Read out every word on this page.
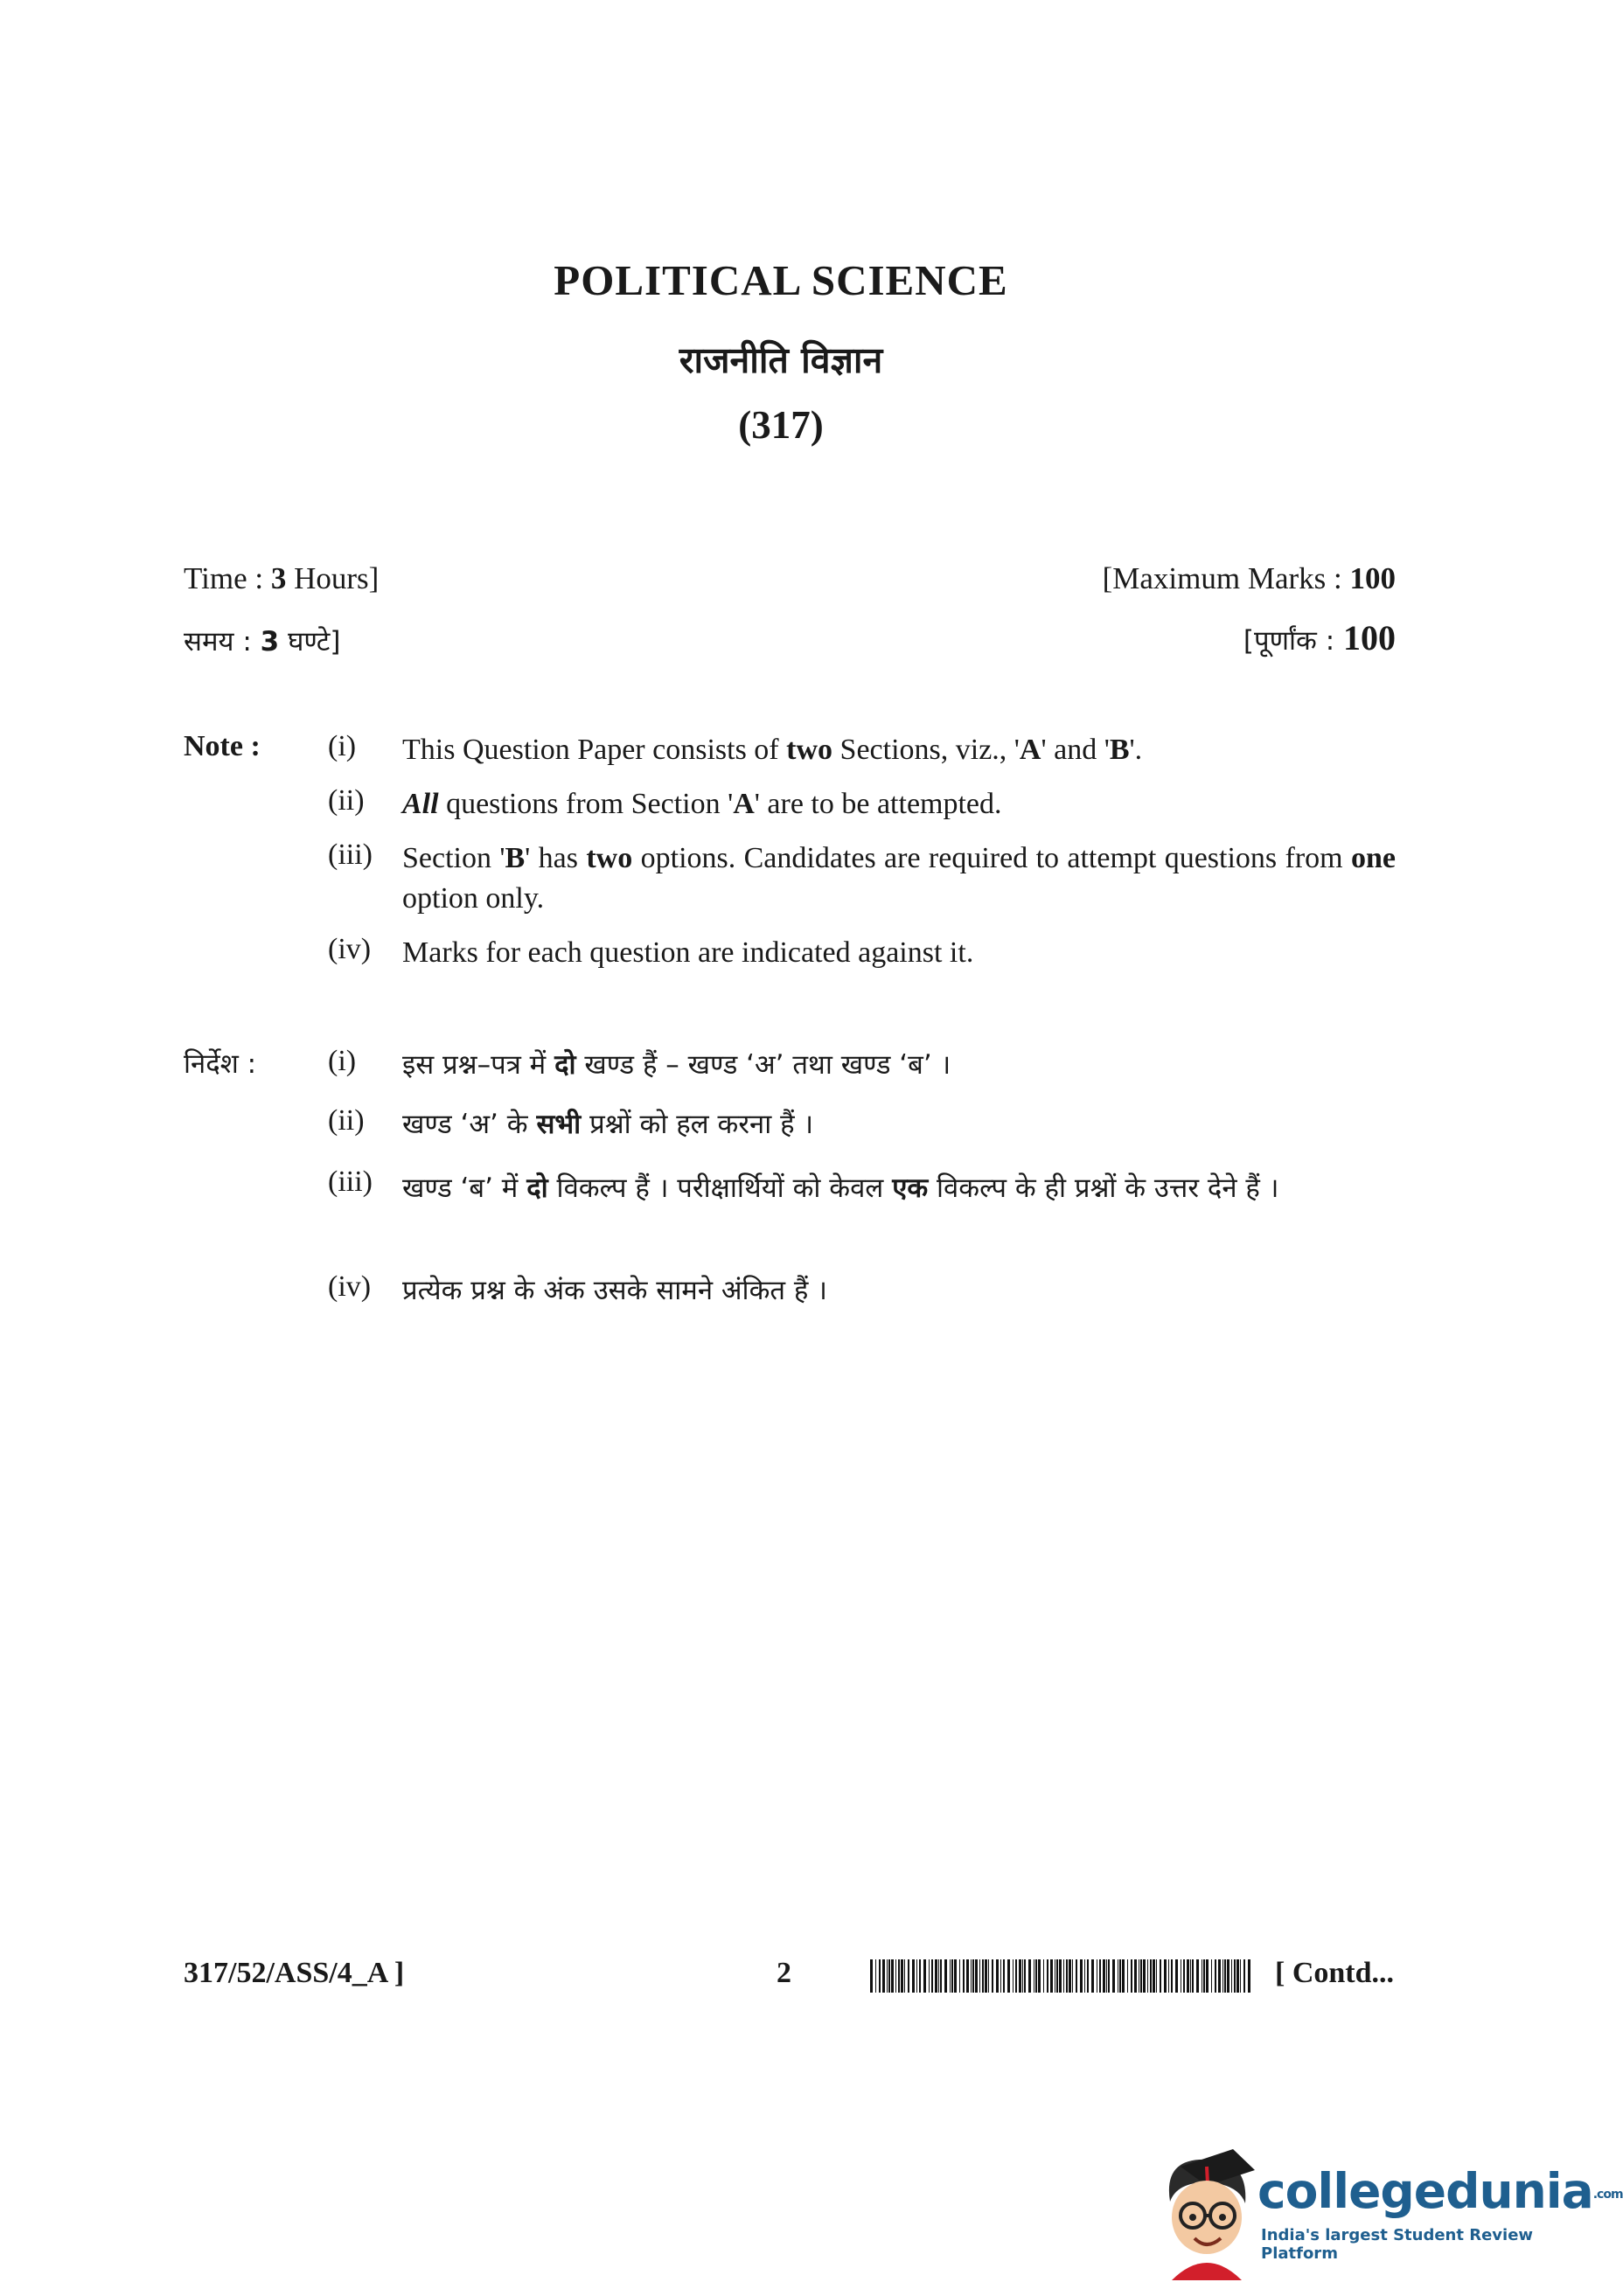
POLITICAL SCIENCE
राजनीति विज्ञान
(317)
Time : 3 Hours]	[Maximum Marks : 100
समय : 3 घण्टे]	[पूर्णांक : 100
Note :	(i)	This Question Paper consists of two Sections, viz., 'A' and 'B'.
(ii)	All questions from Section 'A' are to be attempted.
(iii)	Section 'B' has two options. Candidates are required to attempt questions from one option only.
(iv)	Marks for each question are indicated against it.
निर्देश :	(i)	इस प्रश्न–पत्र में दो खण्ड हैं – खण्ड ‘अ’ तथा खण्ड ‘ब’ ।
(ii)	खण्ड ‘अ’ के सभी प्रश्नों को हल करना हैं ।
(iii)	खण्ड ‘ब’ में दो विकल्प हैं । परीक्षार्थियों को केवल एक विकल्प के ही प्रश्नों के उत्तर देने हैं ।
(iv)	प्रत्येक प्रश्न के अंक उसके सामने अंकित हैं ।
317/52/ASS/4_A ]	2	[ Contd...
collegedunia.com
India's largest Student Review Platform
